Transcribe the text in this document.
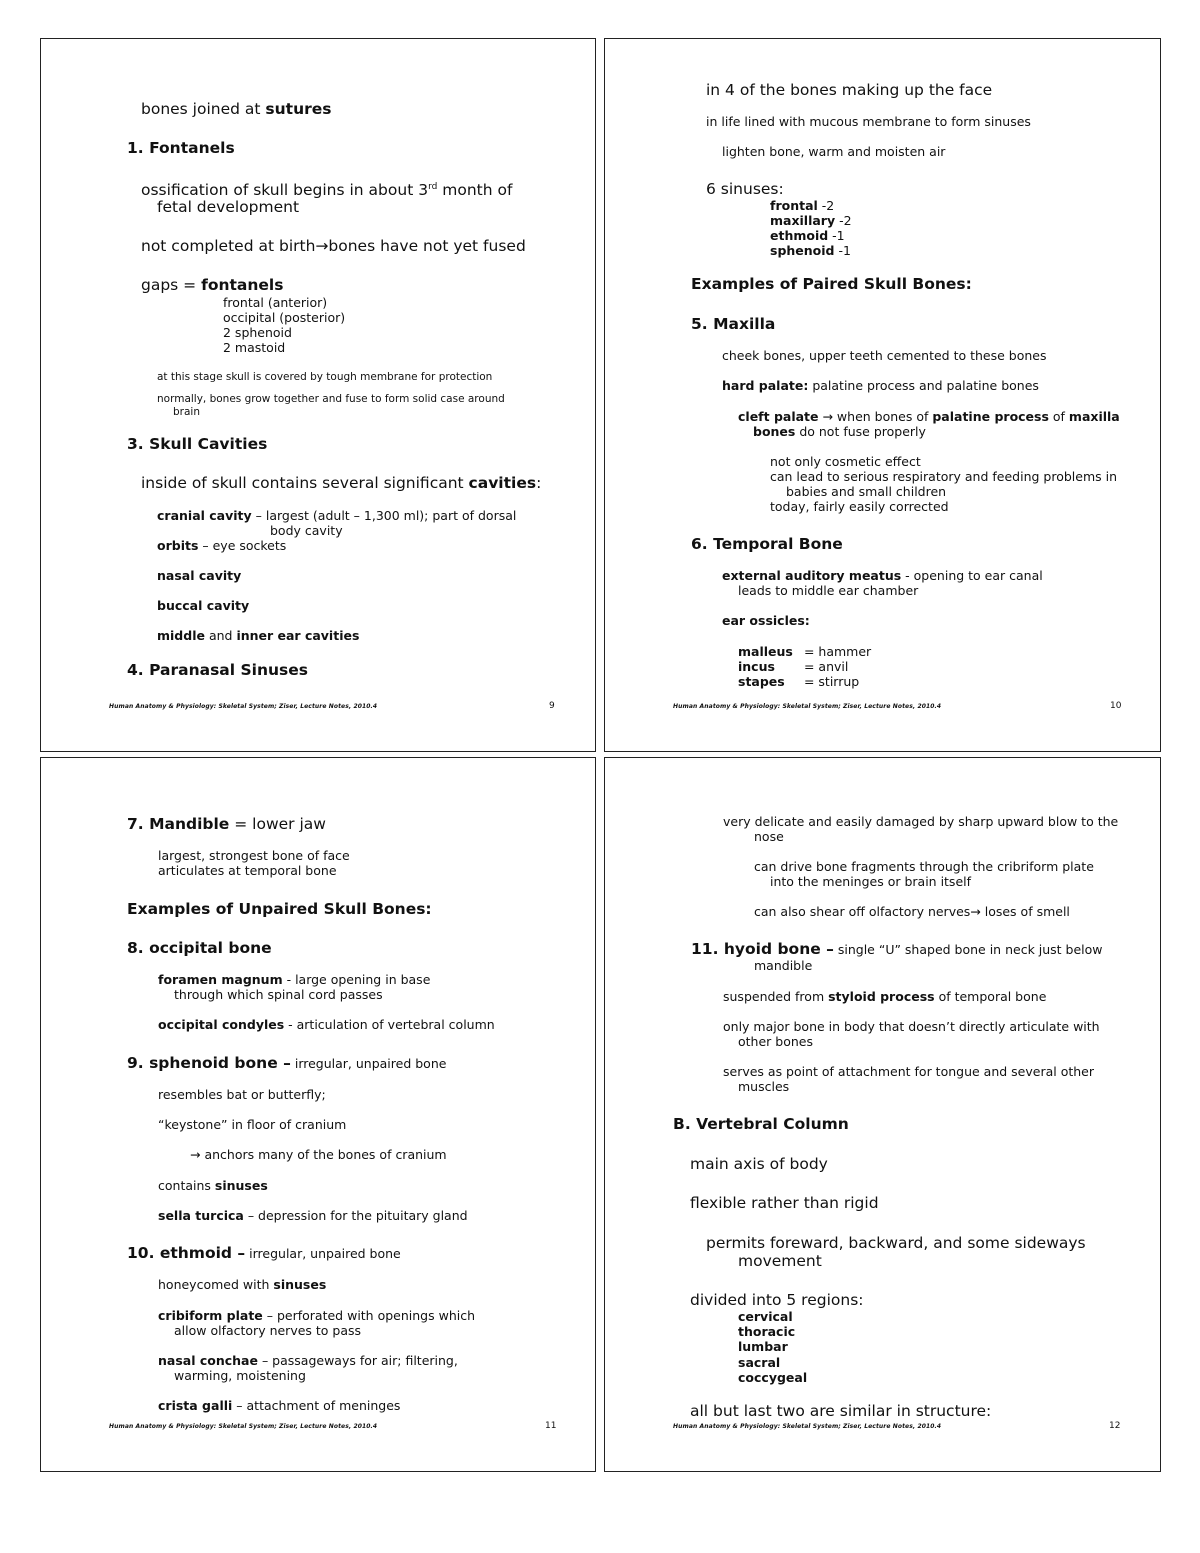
bones joined at sutures
1. Fontanels
ossification of skull begins in about 3rd month of
fetal development
not completed at birth→bones have not yet fused
gaps = fontanels
frontal (anterior)
occipital (posterior)
2 sphenoid
2 mastoid
at this stage skull is covered by tough membrane for protection
normally, bones grow together and fuse to form solid case around
brain
3. Skull Cavities
inside of skull contains several significant cavities:
cranial cavity – largest (adult – 1,300 ml); part of dorsal
body cavity
orbits – eye sockets
nasal cavity
buccal cavity
middle and inner ear cavities
4. Paranasal Sinuses
Human Anatomy & Physiology: Skeletal System; Ziser, Lecture Notes, 2010.4	9
in 4 of the bones making up the face
in life lined with mucous membrane to form sinuses
lighten bone, warm and moisten air
6 sinuses:
frontal -2
maxillary -2
ethmoid -1
sphenoid -1
Examples of Paired Skull Bones:
5. Maxilla
cheek bones, upper teeth cemented to these bones
hard palate: palatine process and palatine bones
cleft palate → when bones of palatine process of maxilla
bones do not fuse properly
not only cosmetic effect
can lead to serious respiratory and feeding problems in
babies and small children
today, fairly easily corrected
6. Temporal Bone
external auditory meatus - opening to ear canal
leads to middle ear chamber
ear ossicles:
malleus = hammer
incus = anvil
stapes = stirrup
Human Anatomy & Physiology: Skeletal System; Ziser, Lecture Notes, 2010.4	10
7. Mandible = lower jaw
largest, strongest bone of face
articulates at temporal bone
Examples of Unpaired Skull Bones:
8. occipital bone
foramen magnum - large opening in base
through which spinal cord passes
occipital condyles - articulation of vertebral column
9. sphenoid bone – irregular, unpaired bone
resembles bat or butterfly;
“keystone” in floor of cranium
→ anchors many of the bones of cranium
contains sinuses
sella turcica – depression for the pituitary gland
10. ethmoid – irregular, unpaired bone
honeycomed with sinuses
cribiform plate – perforated with openings which
allow olfactory nerves to pass
nasal conchae – passageways for air; filtering,
warming, moistening
crista galli – attachment of meninges
Human Anatomy & Physiology: Skeletal System; Ziser, Lecture Notes, 2010.4	11
very delicate and easily damaged by sharp upward blow to the
nose
can drive bone fragments through the cribriform plate
into the meninges or brain itself
can also shear off olfactory nerves→ loses of smell
11. hyoid bone – single “U” shaped bone in neck just below
mandible
suspended from styloid process of temporal bone
only major bone in body that doesn’t directly articulate with
other bones
serves as point of attachment for tongue and several other
muscles
B. Vertebral Column
main axis of body
flexible rather than rigid
permits foreward, backward, and some sideways
movement
divided into 5 regions:
cervical
thoracic
lumbar
sacral
coccygeal
all but last two are similar in structure:
Human Anatomy & Physiology: Skeletal System; Ziser, Lecture Notes, 2010.4	12
